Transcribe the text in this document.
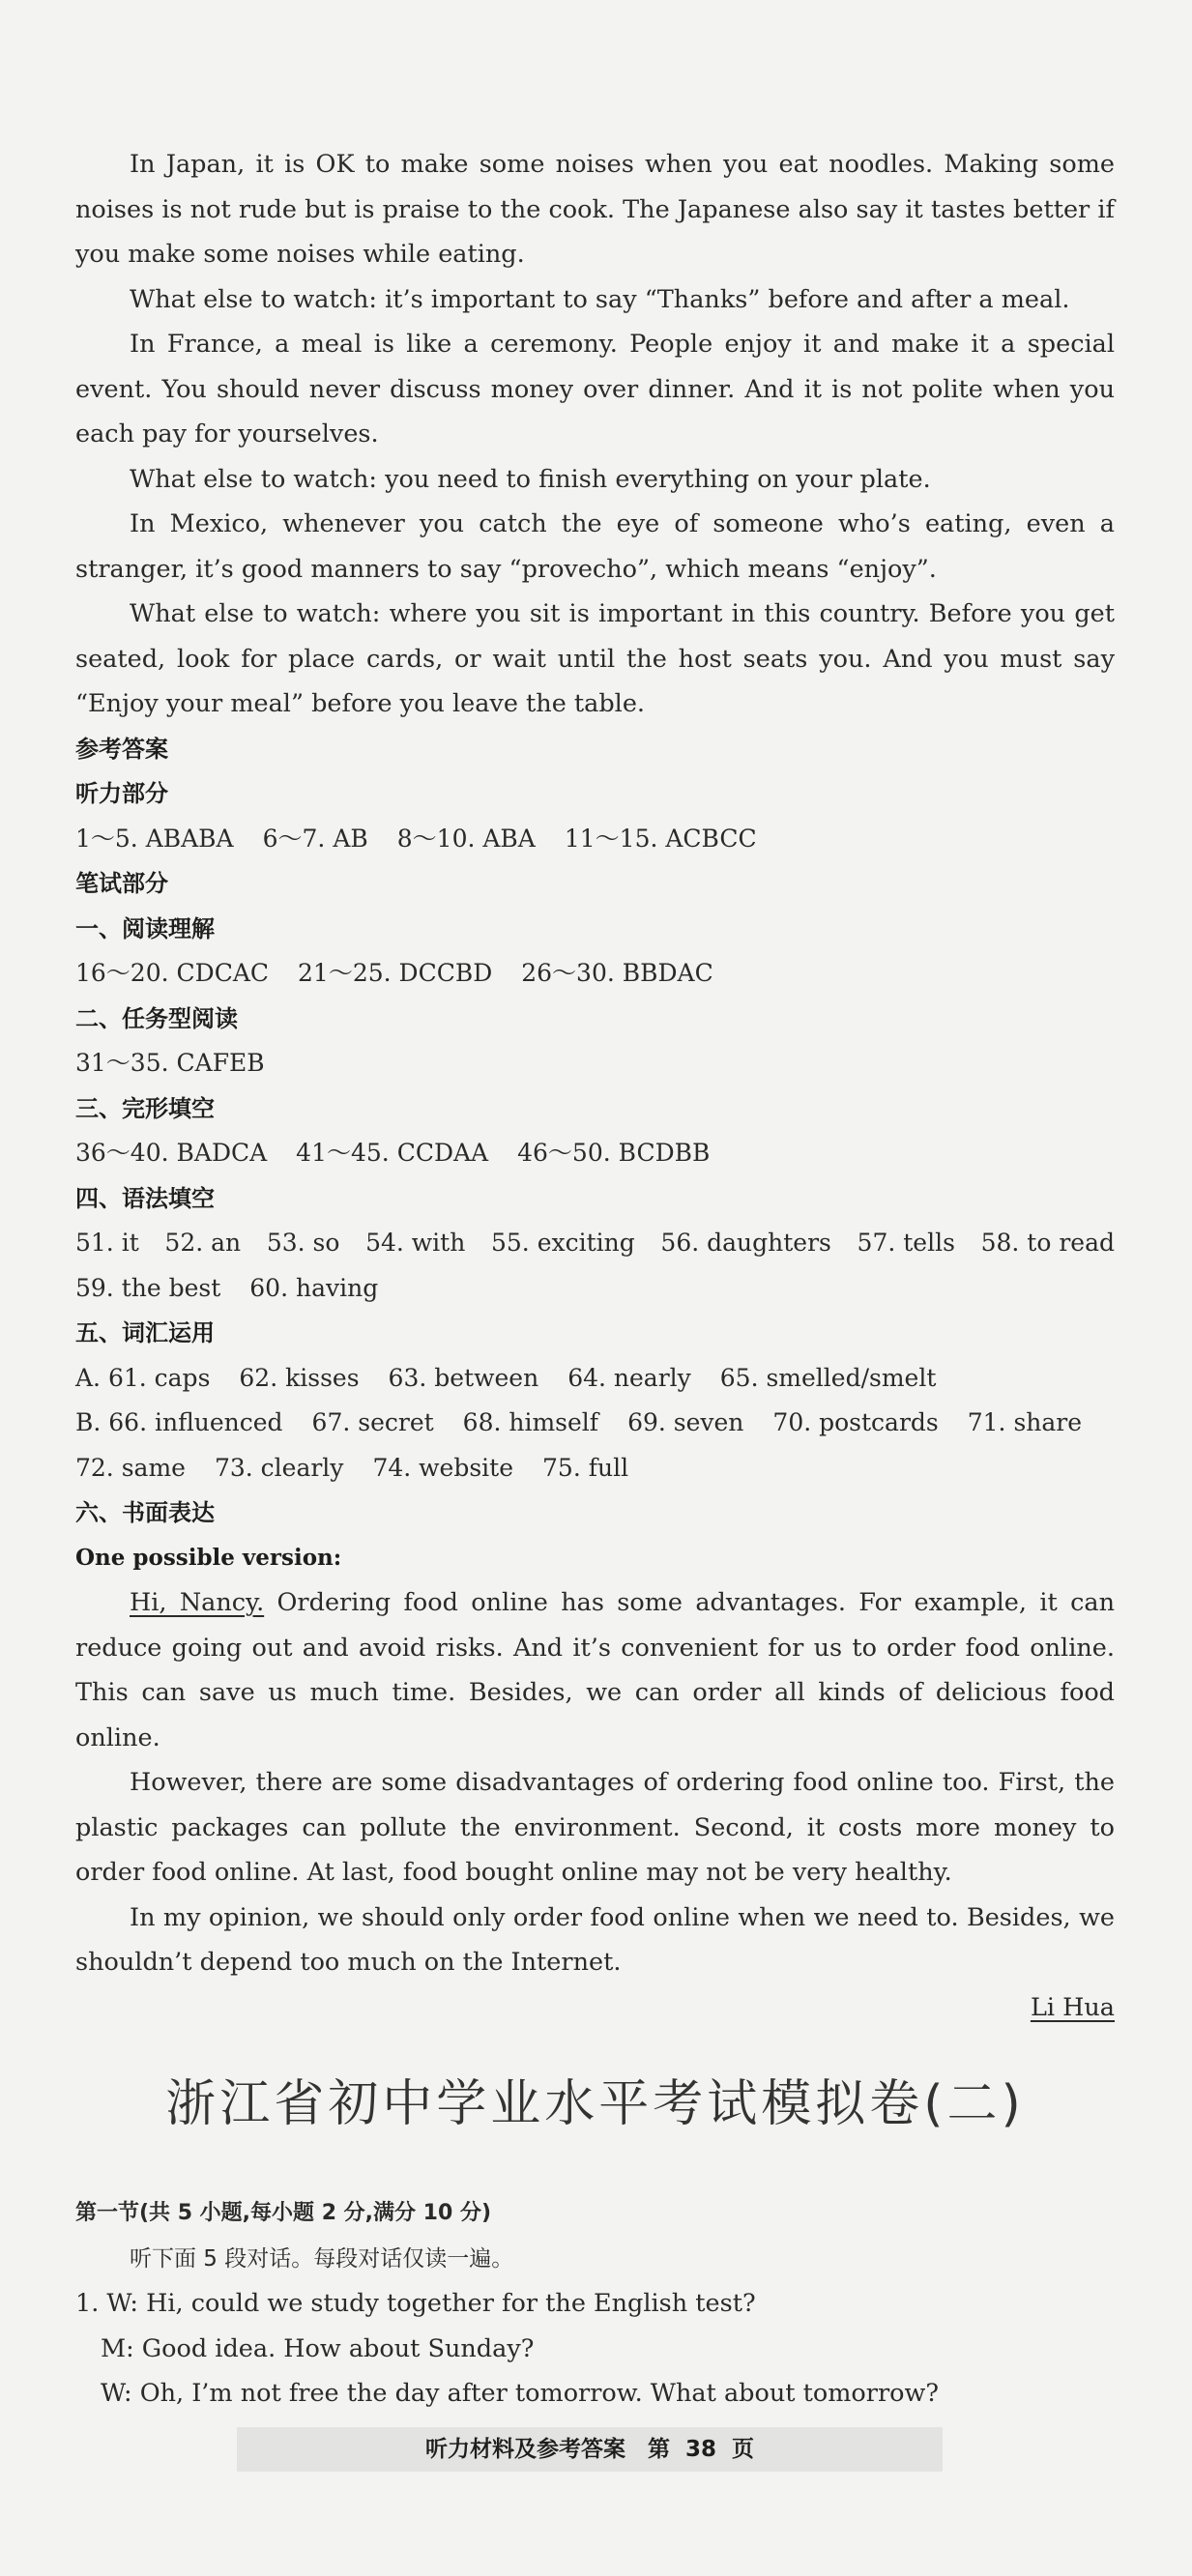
In Japan, it is OK to make some noises when you eat noodles. Making some noises is not rude but is praise to the cook. The Japanese also say it tastes better if you make some noises while eating.

What else to watch: it’s important to say “Thanks” before and after a meal.

In France, a meal is like a ceremony. People enjoy it and make it a special event. You should never discuss money over dinner. And it is not polite when you each pay for yourselves.

What else to watch: you need to finish everything on your plate.

In Mexico, whenever you catch the eye of someone who’s eating, even a stranger, it’s good manners to say “provecho”, which means “enjoy”.

What else to watch: where you sit is important in this country. Before you get seated, look for place cards, or wait until the host seats you. And you must say “Enjoy your meal” before you leave the table.

参考答案
听力部分
1～5. ABABA 6～7. AB 8～10. ABA 11～15. ACBCC
笔试部分
一、阅读理解
16～20. CDCAC 21～25. DCCBD 26～30. BBDAC
二、任务型阅读
31～35. CAFEB
三、完形填空
36～40. BADCA 41～45. CCDAA 46～50. BCDBB
四、语法填空
51. it 52. an 53. so 54. with 55. exciting 56. daughters 57. tells 58. to read
59. the best 60. having
五、词汇运用
A. 61. caps 62. kisses 63. between 64. nearly 65. smelled/smelt
B. 66. influenced 67. secret 68. himself 69. seven 70. postcards 71. share
72. same 73. clearly 74. website 75. full
六、书面表达
One possible version:

Hi, Nancy. Ordering food online has some advantages. For example, it can reduce going out and avoid risks. And it’s convenient for us to order food online. This can save us much time. Besides, we can order all kinds of delicious food online.

However, there are some disadvantages of ordering food online too. First, the plastic packages can pollute the environment. Second, it costs more money to order food online. At last, food bought online may not be very healthy.

In my opinion, we should only order food online when we need to. Besides, we shouldn’t depend too much on the Internet.

Li Hua
浙江省初中学业水平考试模拟卷(二)
第一节(共 5 小题,每小题 2 分,满分 10 分)

听下面 5 段对话。每段对话仅读一遍。

1. W: Hi, could we study together for the English test?

M: Good idea. How about Sunday?

W: Oh, I’m not free the day after tomorrow. What about tomorrow?

听力材料及参考答案　第 38 页
